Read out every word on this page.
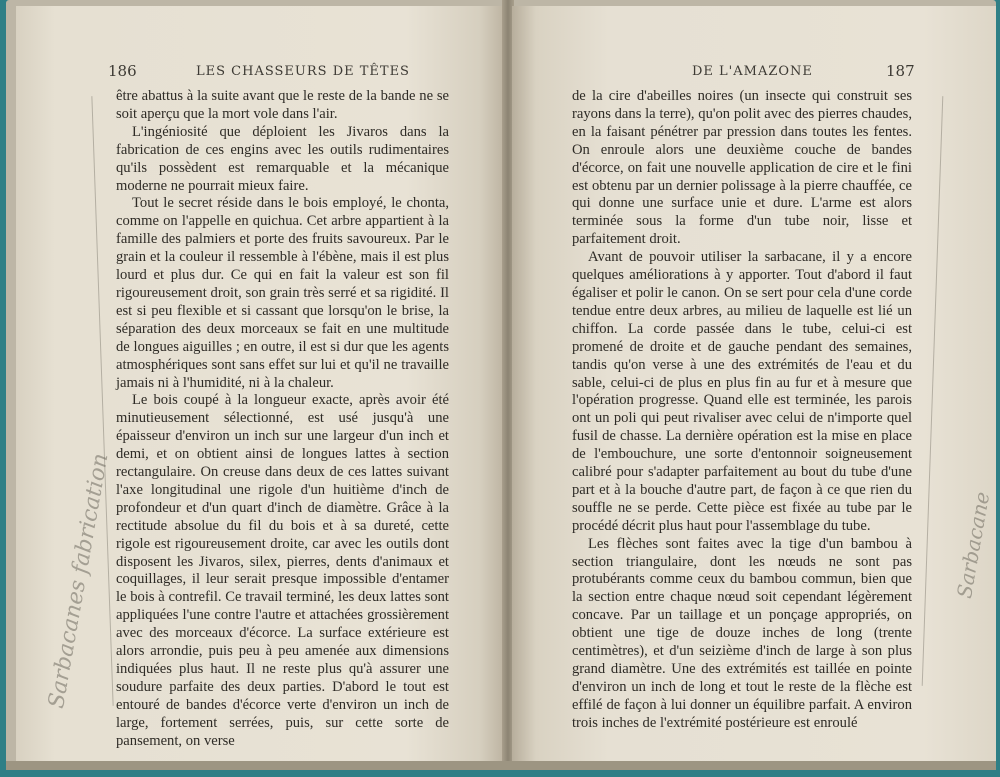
186	LES CHASSEURS DE TÊTES

être abattus à la suite avant que le reste de la bande ne se soit aperçu que la mort vole dans l'air.

L'ingéniosité que déploient les Jivaros dans la fabrication de ces engins avec les outils rudimentaires qu'ils possèdent est remarquable et la mécanique moderne ne pourrait mieux faire.

Tout le secret réside dans le bois employé, le chonta, comme on l'appelle en quichua. Cet arbre appartient à la famille des palmiers et porte des fruits savoureux. Par le grain et la couleur il ressemble à l'ébène, mais il est plus lourd et plus dur. Ce qui en fait la valeur est son fil rigoureusement droit, son grain très serré et sa rigidité. Il est si peu flexible et si cassant que lorsqu'on le brise, la séparation des deux morceaux se fait en une multitude de longues aiguilles ; en outre, il est si dur que les agents atmosphériques sont sans effet sur lui et qu'il ne travaille jamais ni à l'humidité, ni à la chaleur.

Le bois coupé à la longueur exacte, après avoir été minutieusement sélectionné, est usé jusqu'à une épaisseur d'environ un inch sur une largeur d'un inch et demi, et on obtient ainsi de longues lattes à section rectangulaire. On creuse dans deux de ces lattes suivant l'axe longitudinal une rigole d'un huitième d'inch de profondeur et d'un quart d'inch de diamètre. Grâce à la rectitude absolue du fil du bois et à sa dureté, cette rigole est rigoureusement droite, car avec les outils dont disposent les Jivaros, silex, pierres, dents d'animaux et coquillages, il leur serait presque impossible d'entamer le bois à contrefil. Ce travail terminé, les deux lattes sont appliquées l'une contre l'autre et attachées grossièrement avec des morceaux d'écorce. La surface extérieure est alors arrondie, puis peu à peu amenée aux dimensions indiquées plus haut. Il ne reste plus qu'à assurer une soudure parfaite des deux parties. D'abord le tout est entouré de bandes d'écorce verte d'environ un inch de large, fortement serrées, puis, sur cette sorte de pansement, on verse

Sarbacanes fabrication
DE L'AMAZONE	187

de la cire d'abeilles noires (un insecte qui construit ses rayons dans la terre), qu'on polit avec des pierres chaudes, en la faisant pénétrer par pression dans toutes les fentes. On enroule alors une deuxième couche de bandes d'écorce, on fait une nouvelle application de cire et le fini est obtenu par un dernier polissage à la pierre chauffée, ce qui donne une surface unie et dure. L'arme est alors terminée sous la forme d'un tube noir, lisse et parfaitement droit.

Avant de pouvoir utiliser la sarbacane, il y a encore quelques améliorations à y apporter. Tout d'abord il faut égaliser et polir le canon. On se sert pour cela d'une corde tendue entre deux arbres, au milieu de laquelle est lié un chiffon. La corde passée dans le tube, celui-ci est promené de droite et de gauche pendant des semaines, tandis qu'on verse à une des extrémités de l'eau et du sable, celui-ci de plus en plus fin au fur et à mesure que l'opération progresse. Quand elle est terminée, les parois ont un poli qui peut rivaliser avec celui de n'importe quel fusil de chasse. La dernière opération est la mise en place de l'embouchure, une sorte d'entonnoir soigneusement calibré pour s'adapter parfaitement au bout du tube d'une part et à la bouche d'autre part, de façon à ce que rien du souffle ne se perde. Cette pièce est fixée au tube par le procédé décrit plus haut pour l'assemblage du tube.

Les flèches sont faites avec la tige d'un bambou à section triangulaire, dont les nœuds ne sont pas protubérants comme ceux du bambou commun, bien que la section entre chaque nœud soit cependant légèrement concave. Par un taillage et un ponçage appropriés, on obtient une tige de douze inches de long (trente centimètres), et d'un seizième d'inch de large à son plus grand diamètre. Une des extrémités est taillée en pointe d'environ un inch de long et tout le reste de la flèche est effilé de façon à lui donner un équilibre parfait. A environ trois inches de l'extrémité postérieure est enroulé

Sarbacane
